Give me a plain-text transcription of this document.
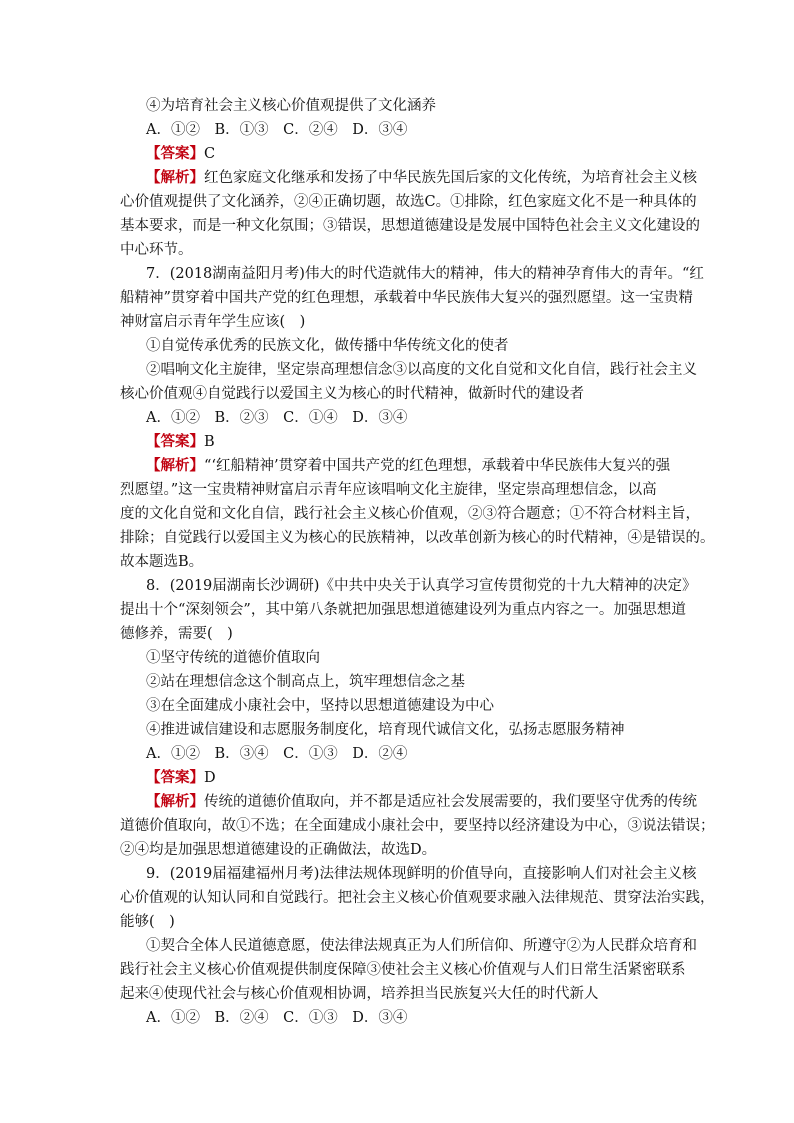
④为培育社会主义核心价值观提供了文化涵养
A．①②　B．①③　C．②④　D．③④
【答案】C
【解析】红色家庭文化继承和发扬了中华民族先国后家的文化传统，为培育社会主义核
心价值观提供了文化涵养，②④正确切题，故选C。①排除，红色家庭文化不是一种具体的
基本要求，而是一种文化氛围；③错误，思想道德建设是发展中国特色社会主义文化建设的
中心环节。
7．(2018湖南益阳月考)伟大的时代造就伟大的精神，伟大的精神孕育伟大的青年。“红
船精神”贯穿着中国共产党的红色理想，承载着中华民族伟大复兴的强烈愿望。这一宝贵精
神财富启示青年学生应该(　)
①自觉传承优秀的民族文化，做传播中华传统文化的使者
②唱响文化主旋律，坚定崇高理想信念③以高度的文化自觉和文化自信，践行社会主义
核心价值观④自觉践行以爱国主义为核心的时代精神，做新时代的建设者
A．①②　B．②③　C．①④　D．③④
【答案】B
【解析】“‘红船精神’贯穿着中国共产党的红色理想，承载着中华民族伟大复兴的强
烈愿望。”这一宝贵精神财富启示青年应该唱响文化主旋律，坚定崇高理想信念，以高
度的文化自觉和文化自信，践行社会主义核心价值观，②③符合题意；①不符合材料主旨，
排除；自觉践行以爱国主义为核心的民族精神，以改革创新为核心的时代精神，④是错误的。
故本题选B。
8．(2019届湖南长沙调研)《中共中央关于认真学习宣传贯彻党的十九大精神的决定》
提出十个“深刻领会”，其中第八条就把加强思想道德建设列为重点内容之一。加强思想道
德修养，需要(　)
①坚守传统的道德价值取向
②站在理想信念这个制高点上，筑牢理想信念之基
③在全面建成小康社会中，坚持以思想道德建设为中心
④推进诚信建设和志愿服务制度化，培育现代诚信文化，弘扬志愿服务精神
A．①②　B．③④　C．①③　D．②④
【答案】D
【解析】传统的道德价值取向，并不都是适应社会发展需要的，我们要坚守优秀的传统
道德价值取向，故①不选；在全面建成小康社会中，要坚持以经济建设为中心，③说法错误；
②④均是加强思想道德建设的正确做法，故选D。
9．(2019届福建福州月考)法律法规体现鲜明的价值导向，直接影响人们对社会主义核
心价值观的认知认同和自觉践行。把社会主义核心价值观要求融入法律规范、贯穿法治实践，
能够(　)
①契合全体人民道德意愿，使法律法规真正为人们所信仰、所遵守②为人民群众培育和
践行社会主义核心价值观提供制度保障③使社会主义核心价值观与人们日常生活紧密联系
起来④使现代社会与核心价值观相协调，培养担当民族复兴大任的时代新人
A．①②　B．②④　C．①③　D．③④
